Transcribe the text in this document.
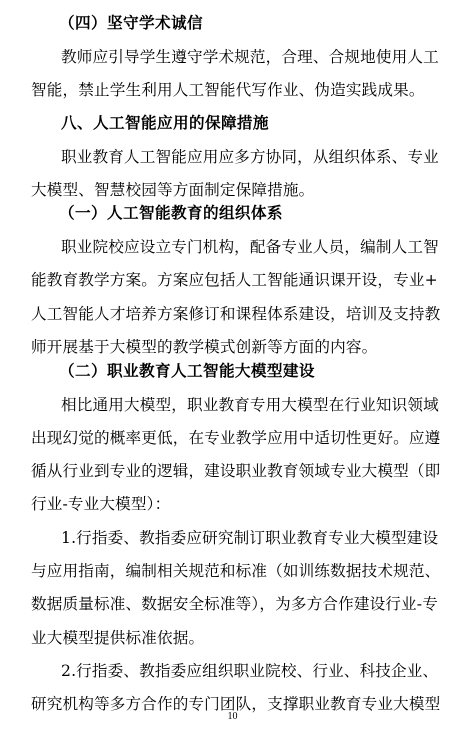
（四）坚守学术诚信
教师应引导学生遵守学术规范，合理、合规地使用人工
智能，禁止学生利用人工智能代写作业、伪造实践成果。
八、人工智能应用的保障措施
职业教育人工智能应用应多方协同，从组织体系、专业
大模型、智慧校园等方面制定保障措施。
（一）人工智能教育的组织体系
职业院校应设立专门机构，配备专业人员，编制人工智
能教育教学方案。方案应包括人工智能通识课开设，专业+
人工智能人才培养方案修订和课程体系建设，培训及支持教
师开展基于大模型的教学模式创新等方面的内容。
（二）职业教育人工智能大模型建设
相比通用大模型，职业教育专用大模型在行业知识领域
出现幻觉的概率更低，在专业教学应用中适切性更好。应遵
循从行业到专业的逻辑，建设职业教育领域专业大模型（即
行业-专业大模型）：
1.行指委、教指委应研究制订职业教育专业大模型建设
与应用指南，编制相关规范和标准（如训练数据技术规范、
数据质量标准、数据安全标准等），为多方合作建设行业-专
业大模型提供标准依据。
2.行指委、教指委应组织职业院校、行业、科技企业、
研究机构等多方合作的专门团队，支撑职业教育专业大模型
10
